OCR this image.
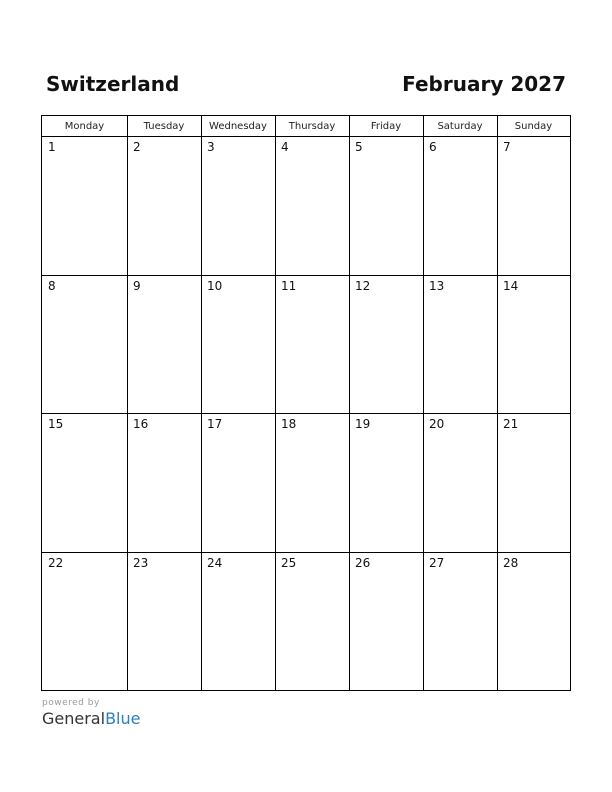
Switzerland	February 2027
Monday	Tuesday	Wednesday	Thursday	Friday	Saturday	Sunday
1	2	3	4	5	6	7
8	9	10	11	12	13	14
15	16	17	18	19	20	21
22	23	24	25	26	27	28
powered by
GeneralBlue
